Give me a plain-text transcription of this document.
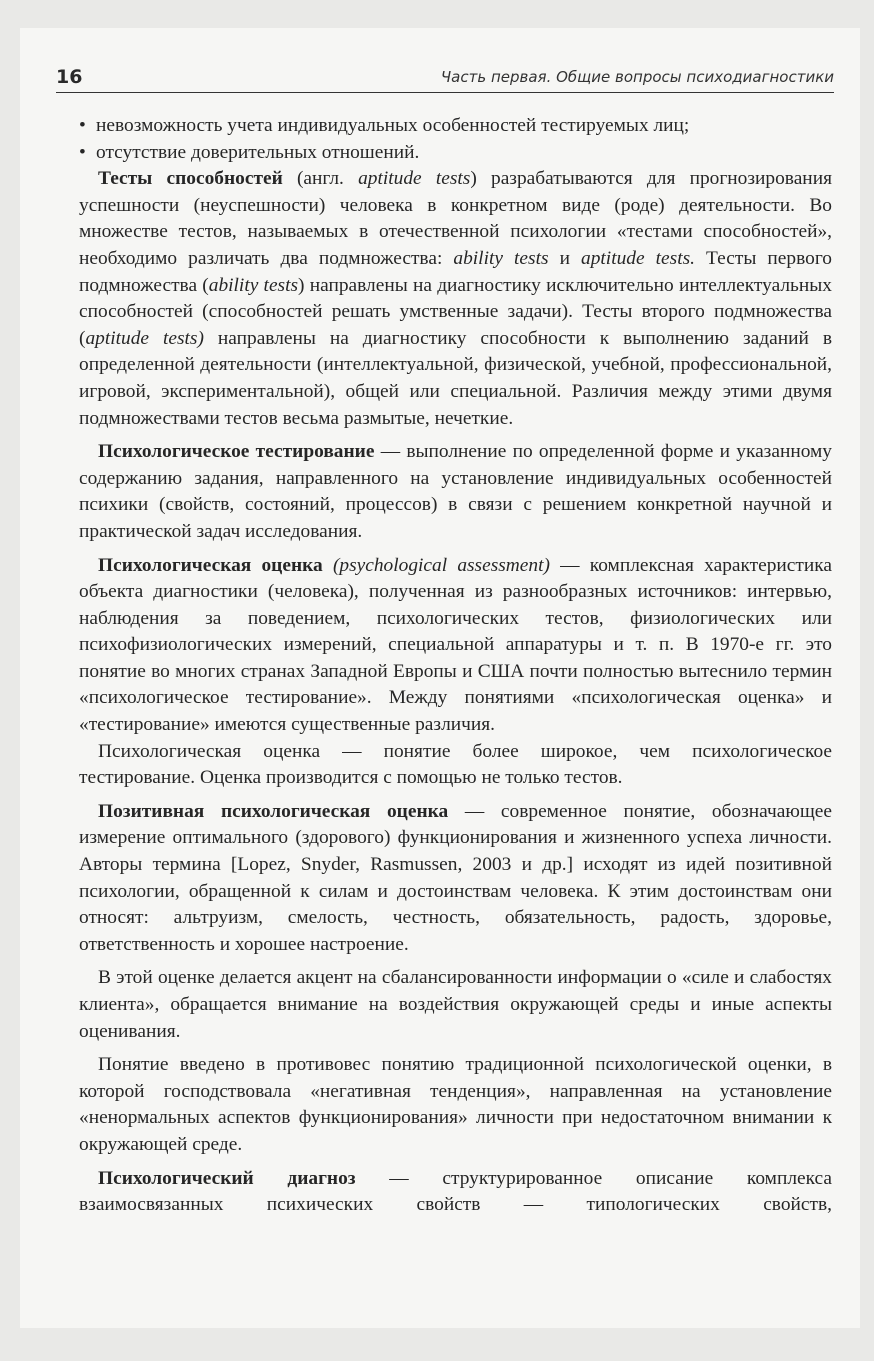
16	Часть первая. Общие вопросы психодиагностики

• невозможность учета индивидуальных особенностей тестируемых лиц;

• отсутствие доверительных отношений.

Тесты способностей (англ. aptitude tests) разрабатываются для прогнозирования успешности (неуспешности) человека в конкретном виде (роде) деятельности. Во множестве тестов, называемых в отечественной психологии «тестами способностей», необходимо различать два подмножества: ability tests и aptitude tests. Тесты первого подмножества (ability tests) направлены на диагностику исключительно интеллектуальных способностей (способностей решать умственные задачи). Тесты второго подмножества (aptitude tests) направлены на диагностику способности к выполнению заданий в определенной деятельности (интеллектуальной, физической, учебной, профессиональной, игровой, экспериментальной), общей или специальной. Различия между этими двумя подмножествами тестов весьма размытые, нечеткие.

Психологическое тестирование — выполнение по определенной форме и указанному содержанию задания, направленного на установление индивидуальных особенностей психики (свойств, состояний, процессов) в связи с решением конкретной научной и практической задач исследования.

Психологическая оценка (psychological assessment) — комплексная характеристика объекта диагностики (человека), полученная из разнообразных источников: интервью, наблюдения за поведением, психологических тестов, физиологических или психофизиологических измерений, специальной аппаратуры и т. п. В 1970-е гг. это понятие во многих странах Западной Европы и США почти полностью вытеснило термин «психологическое тестирование». Между понятиями «психологическая оценка» и «тестирование» имеются существенные различия.

Психологическая оценка — понятие более широкое, чем психологическое тестирование. Оценка производится с помощью не только тестов.

Позитивная психологическая оценка — современное понятие, обозначающее измерение оптимального (здорового) функционирования и жизненного успеха личности. Авторы термина [Lopez, Snyder, Rasmussen, 2003 и др.] исходят из идей позитивной психологии, обращенной к силам и достоинствам человека. К этим достоинствам они относят: альтруизм, смелость, честность, обязательность, радость, здоровье, ответственность и хорошее настроение.

В этой оценке делается акцент на сбалансированности информации о «силе и слабостях клиента», обращается внимание на воздействия окружающей среды и иные аспекты оценивания.

Понятие введено в противовес понятию традиционной психологической оценки, в которой господствовала «негативная тенденция», направленная на установление «ненормальных аспектов функционирования» личности при недостаточном внимании к окружающей среде.

Психологический диагноз — структурированное описание комплекса взаимосвязанных психических свойств — типологических свойств,
